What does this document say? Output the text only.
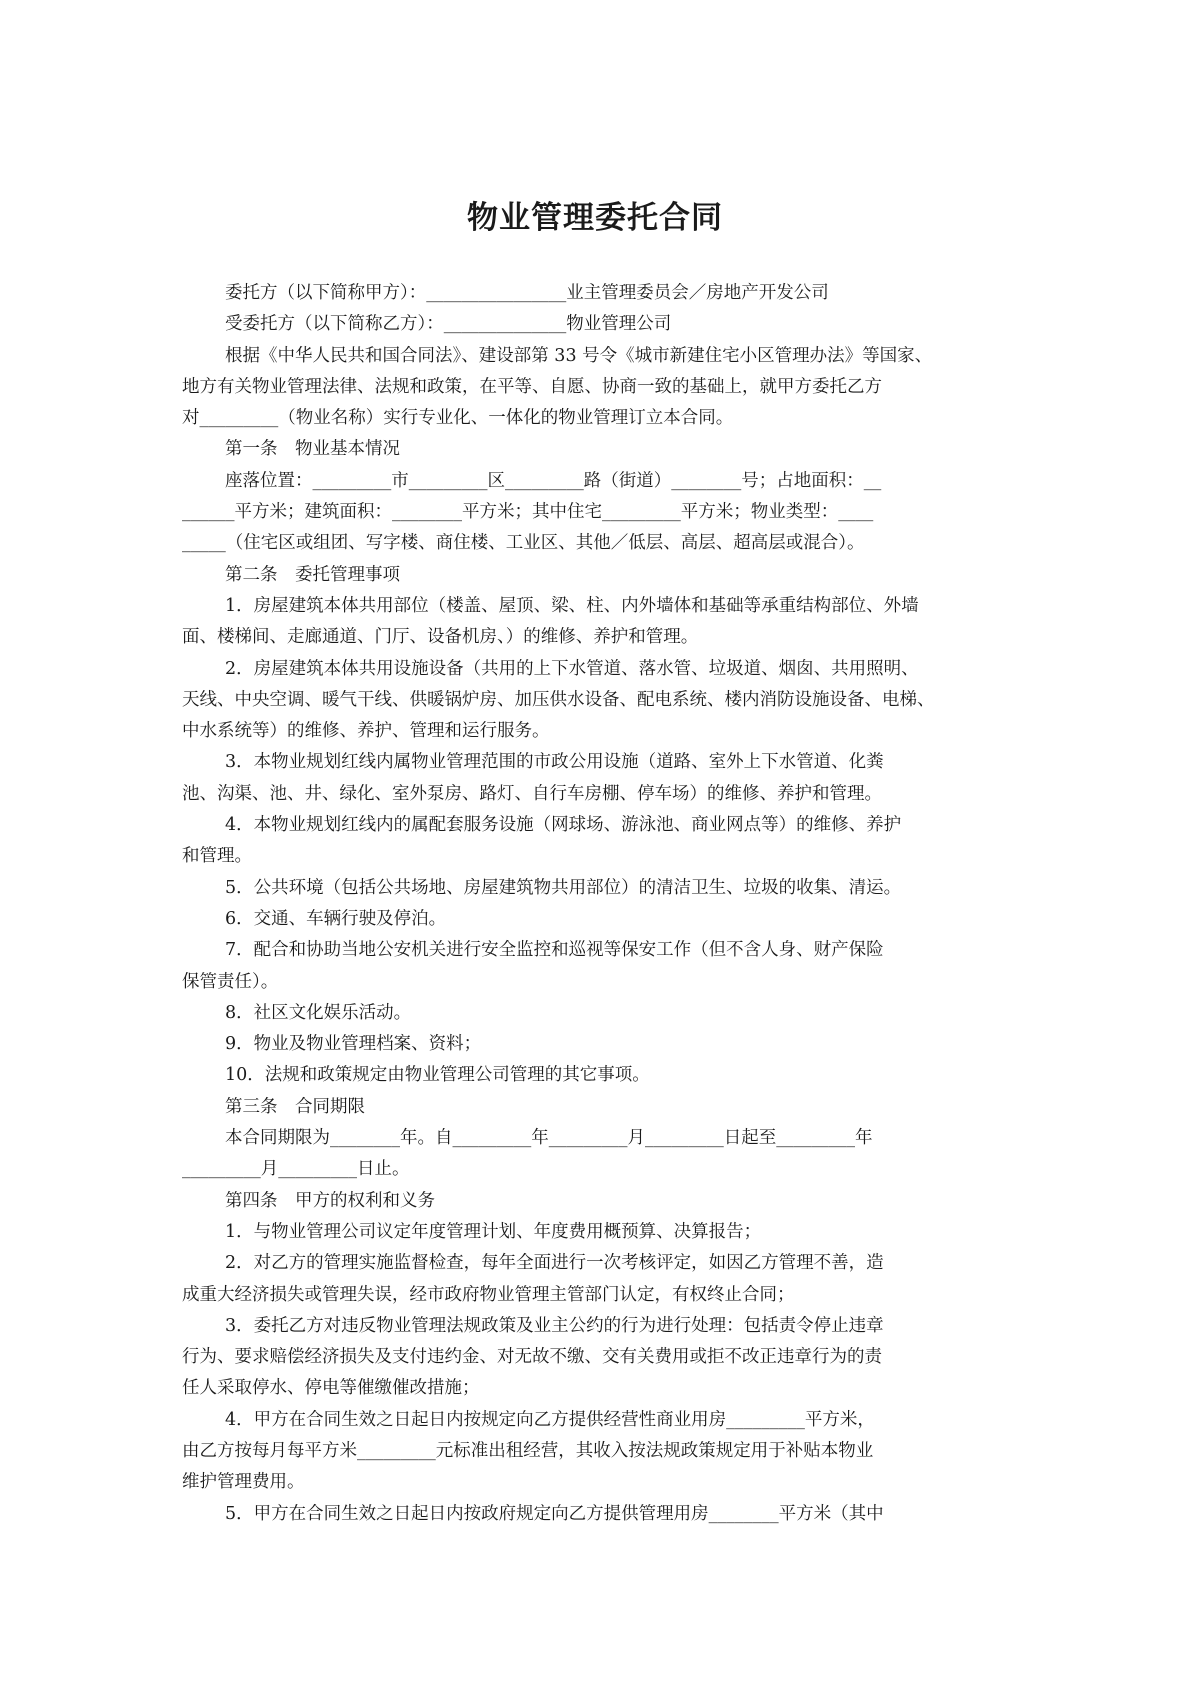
物业管理委托合同

委托方（以下简称甲方）：________________业主管理委员会／房地产开发公司

受委托方（以下简称乙方）：______________物业管理公司

根据《中华人民共和国合同法》、建设部第 33 号令《城市新建住宅小区管理办法》等国家、
地方有关物业管理法律、法规和政策，在平等、自愿、协商一致的基础上，就甲方委托乙方
对_________（物业名称）实行专业化、一体化的物业管理订立本合同。

第一条　物业基本情况

座落位置：_________市_________区_________路（街道）________号；占地面积：__
______平方米；建筑面积：________平方米；其中住宅_________平方米；物业类型：____
_____（住宅区或组团、写字楼、商住楼、工业区、其他／低层、高层、超高层或混合）。

第二条　委托管理事项

1．房屋建筑本体共用部位（楼盖、屋顶、梁、柱、内外墙体和基础等承重结构部位、外墙
面、楼梯间、走廊通道、门厅、设备机房、）的维修、养护和管理。

2．房屋建筑本体共用设施设备（共用的上下水管道、落水管、垃圾道、烟囱、共用照明、
天线、中央空调、暖气干线、供暖锅炉房、加压供水设备、配电系统、楼内消防设施设备、电梯、
中水系统等）的维修、养护、管理和运行服务。

3．本物业规划红线内属物业管理范围的市政公用设施（道路、室外上下水管道、化粪
池、沟渠、池、井、绿化、室外泵房、路灯、自行车房棚、停车场）的维修、养护和管理。

4．本物业规划红线内的属配套服务设施（网球场、游泳池、商业网点等）的维修、养护
和管理。

5．公共环境（包括公共场地、房屋建筑物共用部位）的清洁卫生、垃圾的收集、清运。

6．交通、车辆行驶及停泊。

7．配合和协助当地公安机关进行安全监控和巡视等保安工作（但不含人身、财产保险
保管责任）。

8．社区文化娱乐活动。

9．物业及物业管理档案、资料；

10．法规和政策规定由物业管理公司管理的其它事项。

第三条　合同期限

本合同期限为________年。自_________年_________月_________日起至_________年
_________月_________日止。

第四条　甲方的权利和义务

1．与物业管理公司议定年度管理计划、年度费用概预算、决算报告；

2．对乙方的管理实施监督检查，每年全面进行一次考核评定，如因乙方管理不善，造
成重大经济损失或管理失误，经市政府物业管理主管部门认定，有权终止合同；

3．委托乙方对违反物业管理法规政策及业主公约的行为进行处理：包括责令停止违章
行为、要求赔偿经济损失及支付违约金、对无故不缴、交有关费用或拒不改正违章行为的责
任人采取停水、停电等催缴催改措施；

4．甲方在合同生效之日起日内按规定向乙方提供经营性商业用房_________平方米，
由乙方按每月每平方米_________元标准出租经营，其收入按法规政策规定用于补贴本物业
维护管理费用。

5．甲方在合同生效之日起日内按政府规定向乙方提供管理用房________平方米（其中
